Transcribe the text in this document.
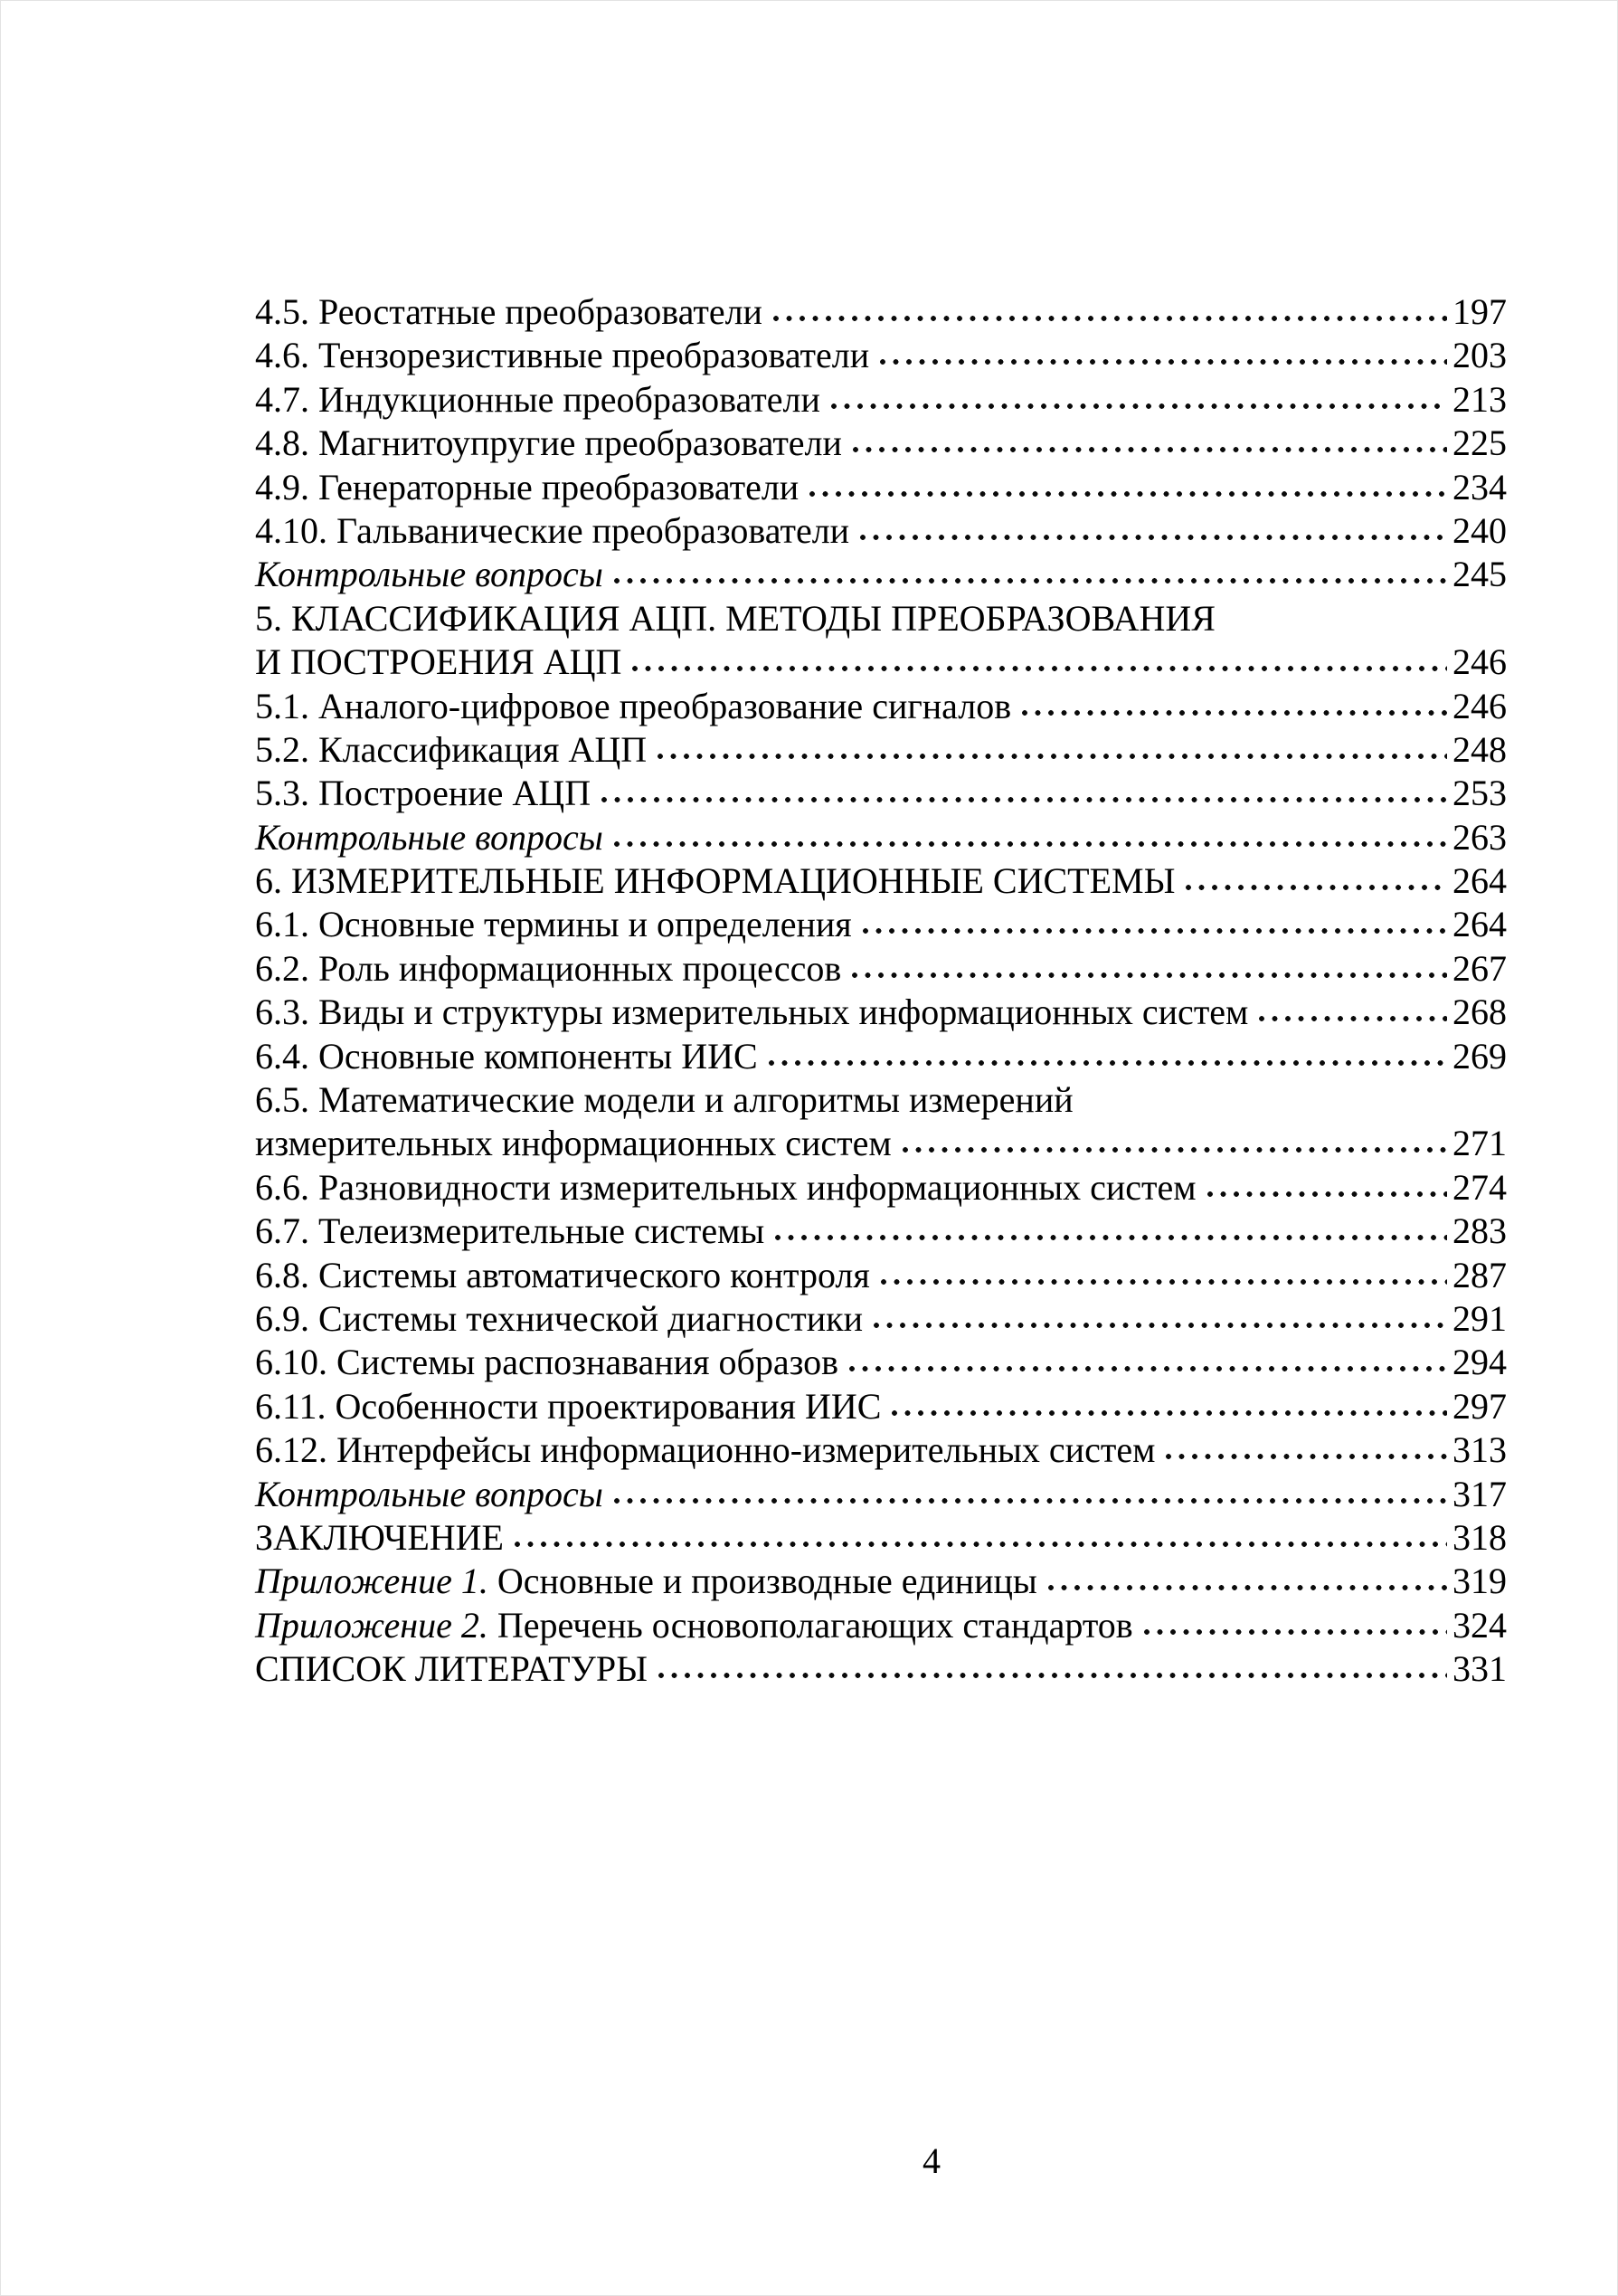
4.5. Реостатные преобразователи	197
4.6. Тензорезистивные преобразователи	203
4.7. Индукционные преобразователи	213
4.8. Магнитоупругие преобразователи	225
4.9. Генераторные преобразователи	234
4.10. Гальванические преобразователи	240
Контрольные вопросы	245
5. КЛАССИФИКАЦИЯ АЦП. МЕТОДЫ ПРЕОБРАЗОВАНИЯ
И ПОСТРОЕНИЯ АЦП	246
5.1. Аналого-цифровое преобразование сигналов	246
5.2. Классификация АЦП	248
5.3. Построение АЦП	253
Контрольные вопросы	263
6. ИЗМЕРИТЕЛЬНЫЕ ИНФОРМАЦИОННЫЕ СИСТЕМЫ	264
6.1. Основные термины и определения	264
6.2. Роль информационных процессов	267
6.3. Виды и структуры измерительных информационных систем	268
6.4. Основные компоненты ИИС	269
6.5. Математические модели и алгоритмы измерений
измерительных информационных систем	271
6.6. Разновидности измерительных информационных систем	274
6.7. Телеизмерительные системы	283
6.8. Системы автоматического контроля	287
6.9. Системы технической диагностики	291
6.10. Системы распознавания образов	294
6.11. Особенности проектирования ИИС	297
6.12. Интерфейсы информационно-измерительных систем	313
Контрольные вопросы	317
ЗАКЛЮЧЕНИЕ	318
Приложение 1. Основные и производные единицы	319
Приложение 2. Перечень основополагающих стандартов	324
СПИСОК ЛИТЕРАТУРЫ	331
4
